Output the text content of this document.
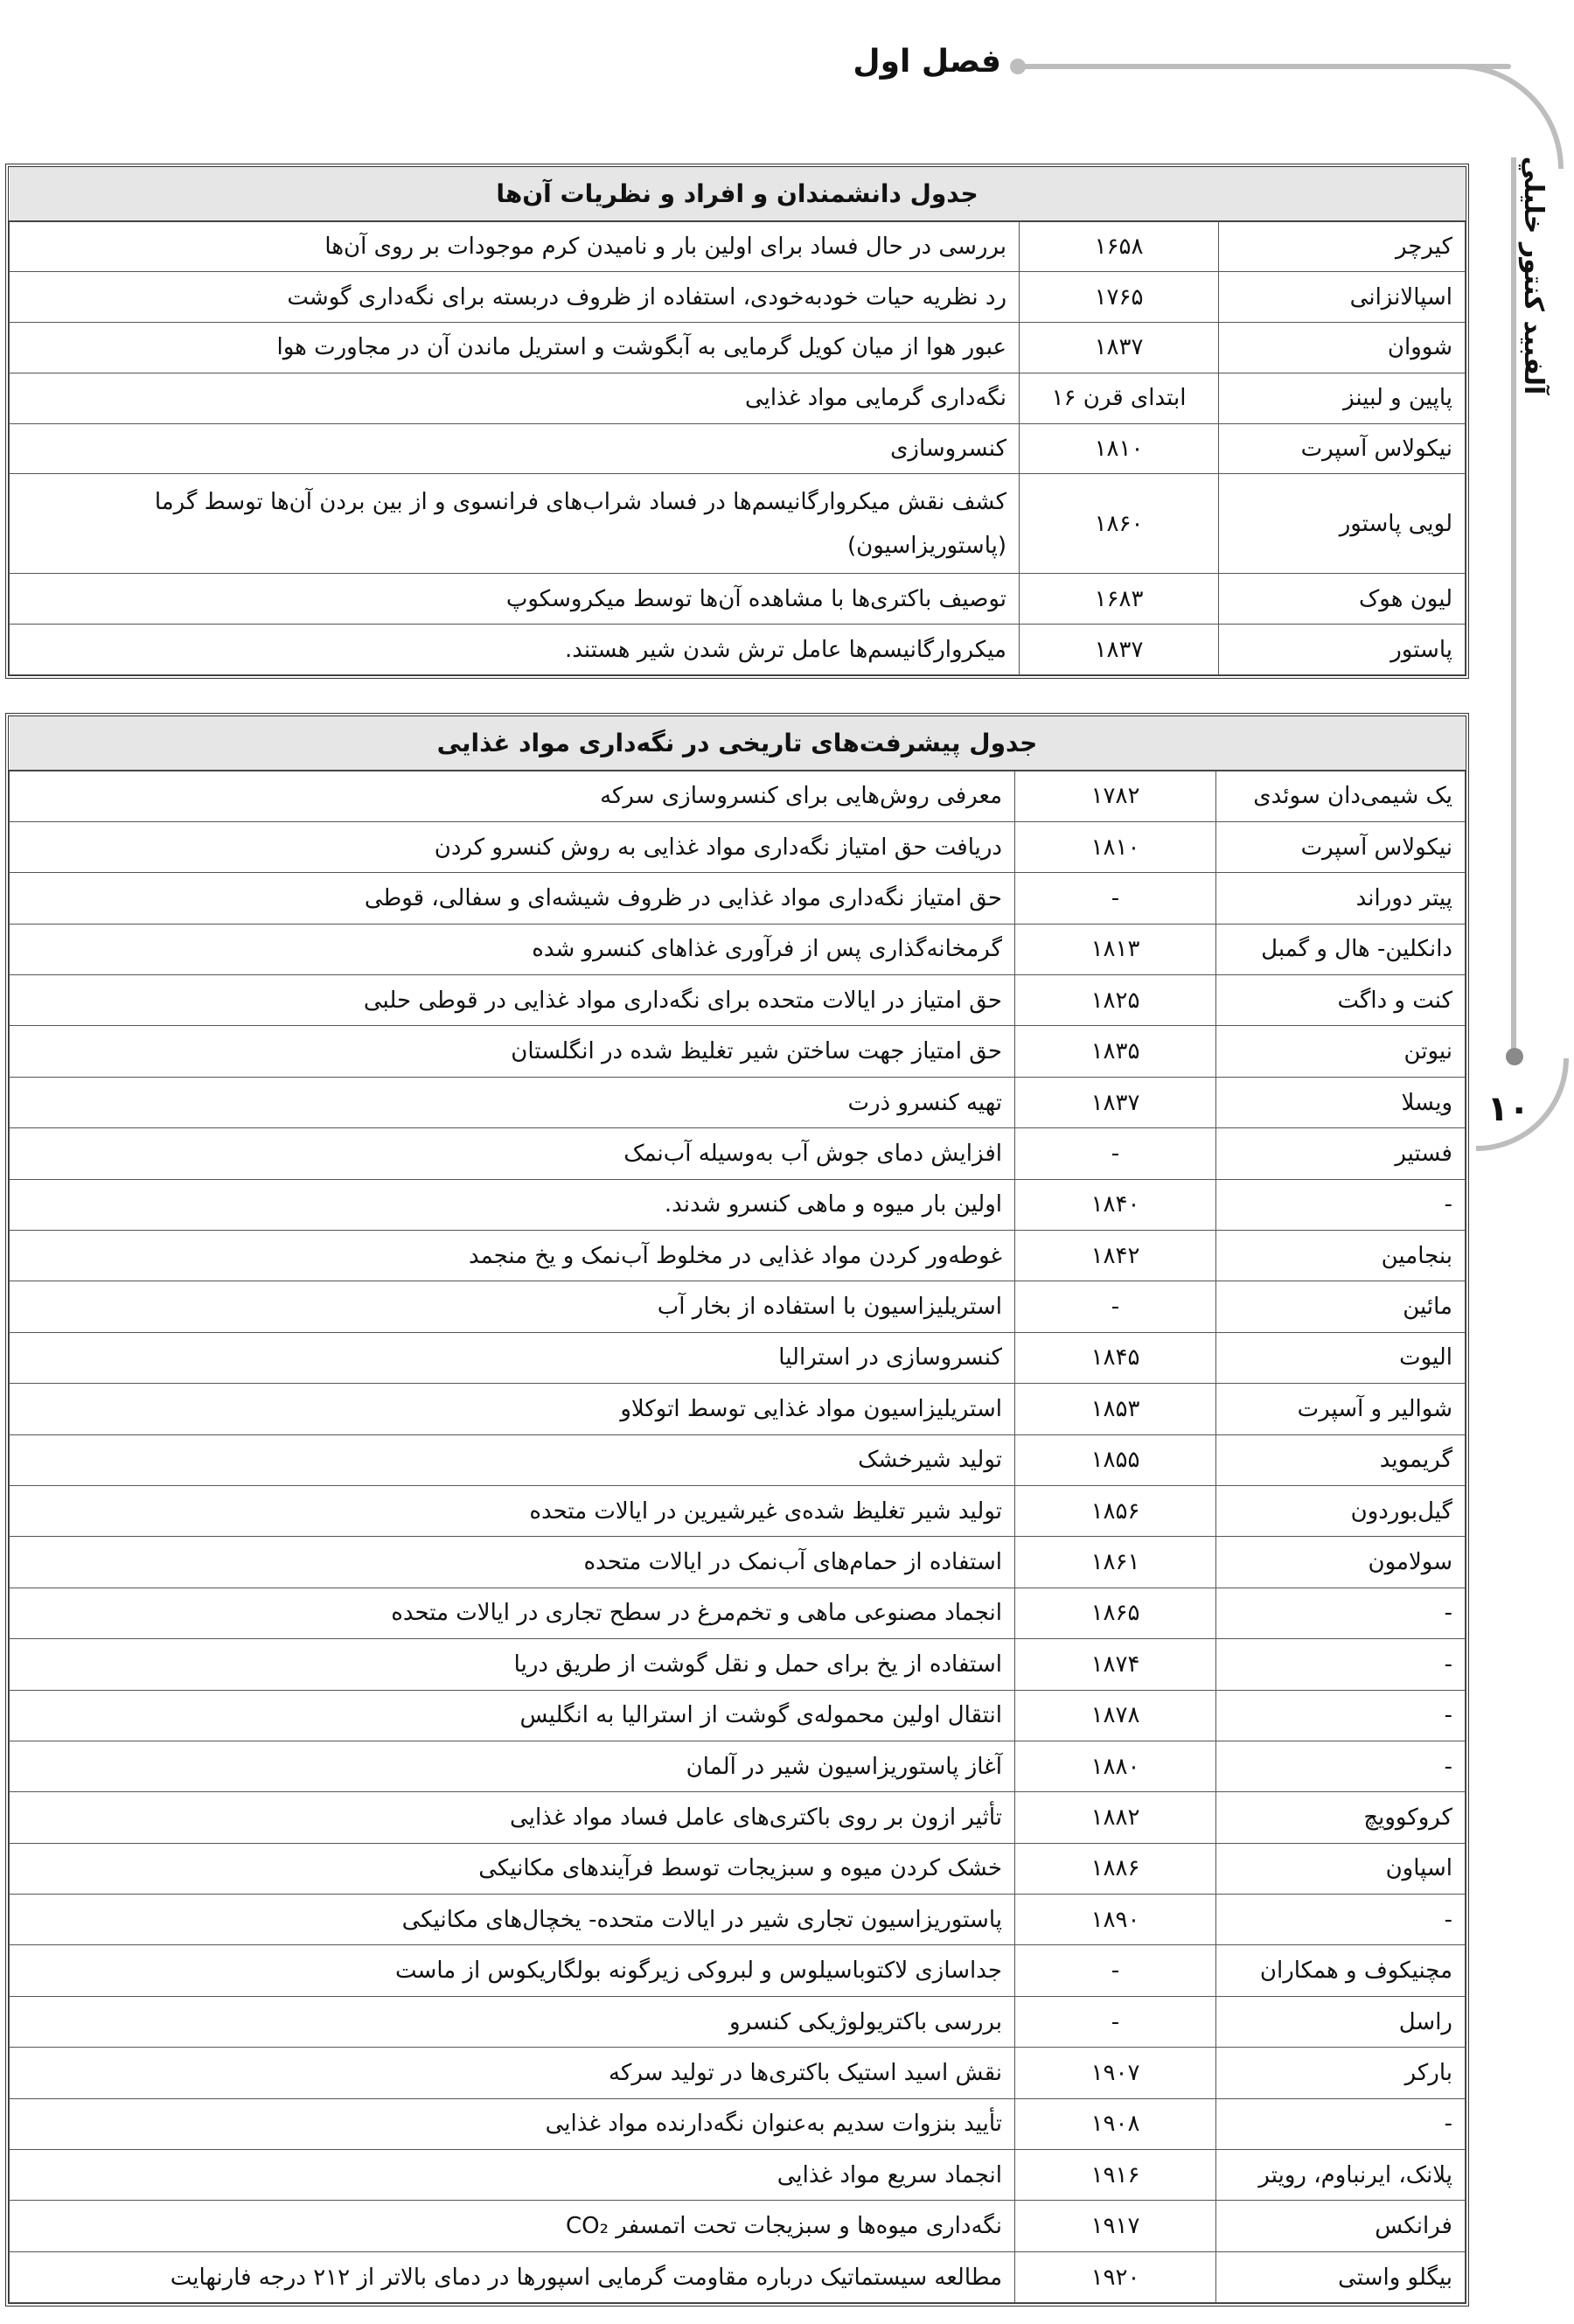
فصل اول
آلفبيد كنتور خليلي
۱۰
جدول دانشمندان و افراد و نظریات آن‌ها		
کیرچر	۱۶۵۸	بررسی در حال فساد برای اولین بار و نامیدن کرم موجودات بر روی آن‌ها
اسپالانزانی	۱۷۶۵	رد نظریه حیات خودبه‌خودی، استفاده از ظروف دربسته برای نگه‌داری گوشت
شووان	۱۸۳۷	عبور هوا از میان کویل گرمایی به آبگوشت و استریل ماندن آن در مجاورت هوا
پاپین و لبینز	ابتدای قرن ۱۶	نگه‌داری گرمایی مواد غذایی
نیکولاس آسپرت	۱۸۱۰	کنسروسازی
لویی پاستور	۱۸۶۰	کشف نقش میکروارگانیسم‌ها در فساد شراب‌های فرانسوی و از بین بردن آن‌ها توسط گرما (پاستوریزاسیون)
لیون هوک	۱۶۸۳	توصیف باکتری‌ها با مشاهده آن‌ها توسط میکروسکوپ
پاستور	۱۸۳۷	میکروارگانیسم‌ها عامل ترش شدن شیر هستند.
جدول پیشرفت‌های تاریخی در نگه‌داری مواد غذایی		
یک شیمی‌دان سوئدی	۱۷۸۲	معرفی روش‌هایی برای کنسروسازی سرکه
نیکولاس آسپرت	۱۸۱۰	دریافت حق امتیاز نگه‌داری مواد غذایی به روش کنسرو کردن
پیتر دوراند	-	حق امتیاز نگه‌داری مواد غذایی در ظروف شیشه‌ای و سفالی، قوطی
دانکلین- هال و گمبل	۱۸۱۳	گرمخانه‌گذاری پس از فرآوری غذاهای کنسرو شده
کنت و داگت	۱۸۲۵	حق امتیاز در ایالات متحده برای نگه‌داری مواد غذایی در قوطی حلبی
نیوتن	۱۸۳۵	حق امتیاز جهت ساختن شیر تغلیظ شده در انگلستان
ویسلا	۱۸۳۷	تهیه کنسرو ذرت
فستیر	-	افزایش دمای جوش آب به‌وسیله آب‌نمک
-	۱۸۴۰	اولین بار میوه و ماهی کنسرو شدند.
بنجامین	۱۸۴۲	غوطه‌ور کردن مواد غذایی در مخلوط آب‌نمک و یخ منجمد
مائین	-	استریلیزاسیون با استفاده از بخار آب
الیوت	۱۸۴۵	کنسروسازی در استرالیا
شوالیر و آسپرت	۱۸۵۳	استریلیزاسیون مواد غذایی توسط اتوکلاو
گریموید	۱۸۵۵	تولید شیرخشک
گیل‌بوردون	۱۸۵۶	تولید شیر تغلیظ شده‌ی غیرشیرین در ایالات متحده
سولامون	۱۸۶۱	استفاده از حمام‌های آب‌نمک در ایالات متحده
-	۱۸۶۵	انجماد مصنوعی ماهی و تخم‌مرغ در سطح تجاری در ایالات متحده
-	۱۸۷۴	استفاده از یخ برای حمل و نقل گوشت از طریق دریا
-	۱۸۷۸	انتقال اولین محموله‌ی گوشت از استرالیا به انگلیس
-	۱۸۸۰	آغاز پاستوریزاسیون شیر در آلمان
کروکوویچ	۱۸۸۲	تأثیر ازون بر روی باکتری‌های عامل فساد مواد غذایی
اسپاون	۱۸۸۶	خشک کردن میوه و سبزیجات توسط فرآیندهای مکانیکی
-	۱۸۹۰	پاستوریزاسیون تجاری شیر در ایالات متحده- یخچال‌های مکانیکی
مچنیکوف و همکاران	-	جداسازی لاکتوباسیلوس و لبروکی زیرگونه بولگاریکوس از ماست
راسل	-	بررسی باکتریولوژیکی کنسرو
بارکر	۱۹۰۷	نقش اسید استیک باکتری‌ها در تولید سرکه
-	۱۹۰۸	تأیید بنزوات سدیم به‌عنوان نگه‌دارنده مواد غذایی
پلانک، ایرنباوم، رویتر	۱۹۱۶	انجماد سریع مواد غذایی
فرانکس	۱۹۱۷	نگه‌داری میوه‌ها و سبزیجات تحت اتمسفر CO₂
بیگلو واستی	۱۹۲۰	مطالعه سیستماتیک درباره مقاومت گرمایی اسپورها در دمای بالاتر از ۲۱۲ درجه فارنهایت
